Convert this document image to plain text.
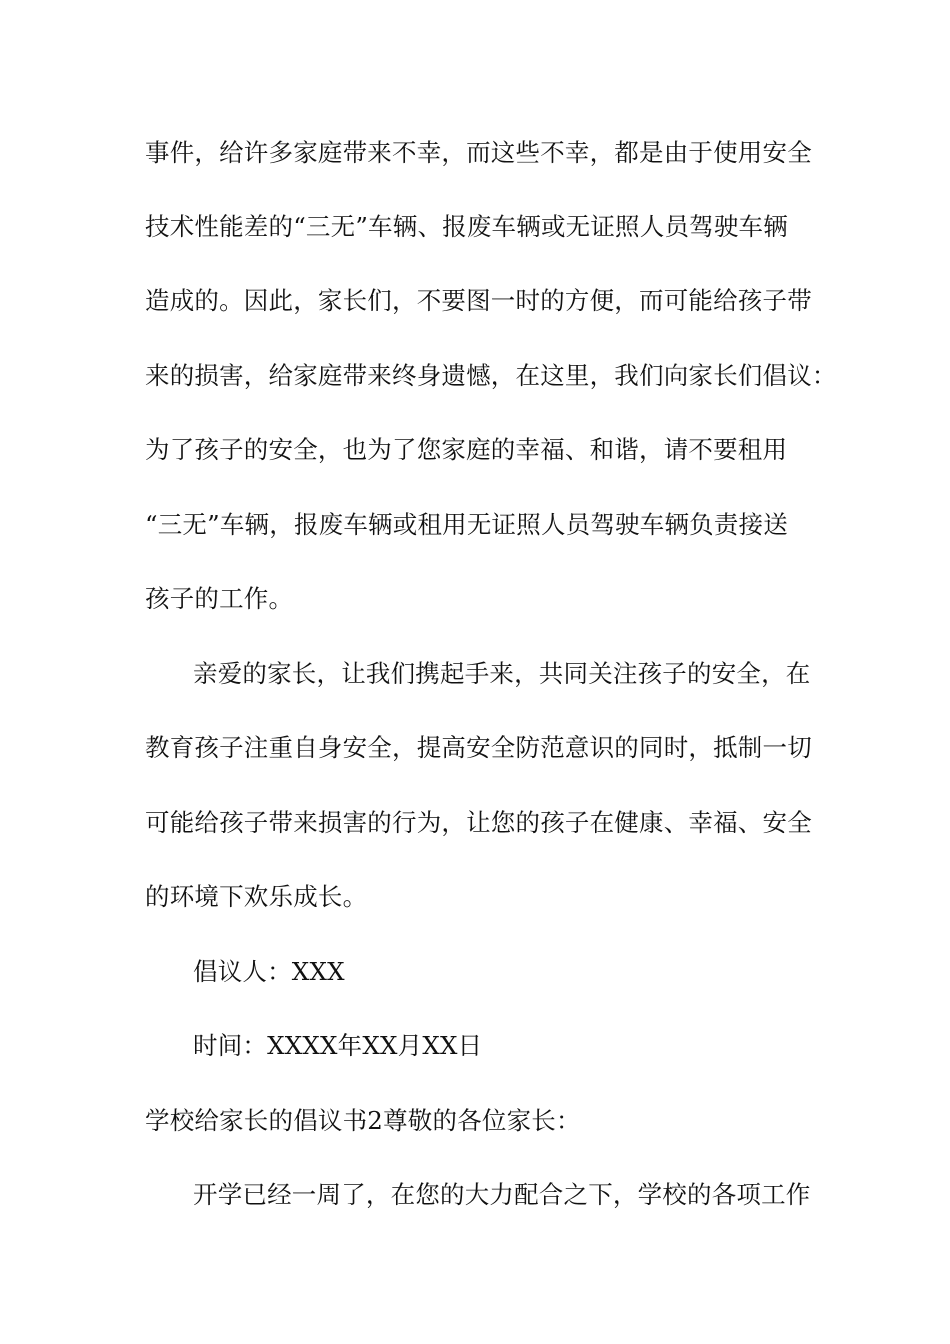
事件，给许多家庭带来不幸，而这些不幸，都是由于使用安全
技术性能差的“三无”车辆、报废车辆或无证照人员驾驶车辆
造成的。因此，家长们，不要图一时的方便，而可能给孩子带
来的损害，给家庭带来终身遗憾，在这里，我们向家长们倡议：
为了孩子的安全，也为了您家庭的幸福、和谐，请不要租用
“三无”车辆，报废车辆或租用无证照人员驾驶车辆负责接送
孩子的工作。
亲爱的家长，让我们携起手来，共同关注孩子的安全，在
教育孩子注重自身安全，提高安全防范意识的同时，抵制一切
可能给孩子带来损害的行为，让您的孩子在健康、幸福、安全
的环境下欢乐成长。
倡议人：XXX
时间：XXXX年XX月XX日
学校给家长的倡议书2尊敬的各位家长：
开学已经一周了，在您的大力配合之下，学校的各项工作
